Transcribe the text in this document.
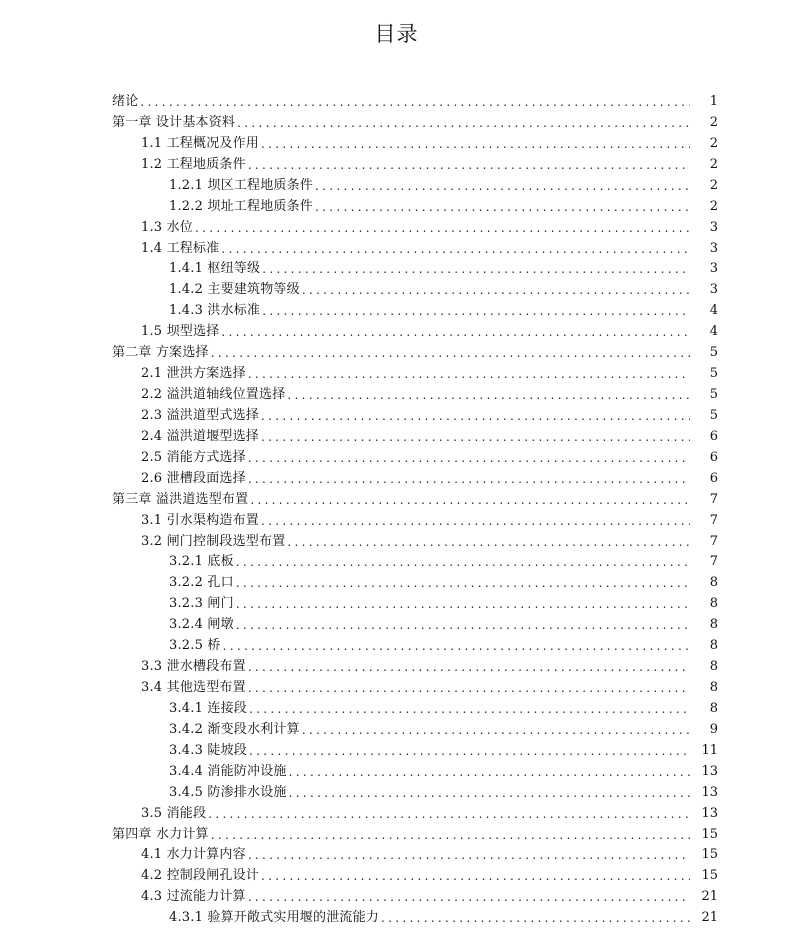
目录
绪论 .....	1
第一章 设计基本资料 .....	2
1.1 工程概况及作用 .....	2
1.2 工程地质条件 .....	2
1.2.1 坝区工程地质条件 .....	2
1.2.2 坝址工程地质条件 .....	2
1.3 水位 .....	3
1.4 工程标准 .....	3
1.4.1 枢纽等级 .....	3
1.4.2 主要建筑物等级 .....	3
1.4.3 洪水标准 .....	4
1.5 坝型选择 .....	4
第二章 方案选择 .....	5
2.1 泄洪方案选择 .....	5
2.2 溢洪道轴线位置选择 .....	5
2.3 溢洪道型式选择 .....	5
2.4 溢洪道堰型选择 .....	6
2.5 消能方式选择 .....	6
2.6 泄槽段面选择 .....	6
第三章 溢洪道选型布置 .....	7
3.1 引水渠构造布置 .....	7
3.2 闸门控制段选型布置 .....	7
3.2.1 底板 .....	7
3.2.2 孔口 .....	8
3.2.3 闸门 .....	8
3.2.4 闸墩 .....	8
3.2.5 桥 .....	8
3.3 泄水槽段布置 .....	8
3.4 其他选型布置 .....	8
3.4.1 连接段 .....	8
3.4.2 渐变段水利计算 .....	9
3.4.3 陡坡段 .....	11
3.4.4 消能防冲设施 .....	13
3.4.5 防渗排水设施 .....	13
3.5 消能段 .....	13
第四章 水力计算 .....	15
4.1 水力计算内容 .....	15
4.2 控制段闸孔设计 .....	15
4.3 过流能力计算 .....	21
4.3.1 验算开敞式实用堰的泄流能力 .....	21
